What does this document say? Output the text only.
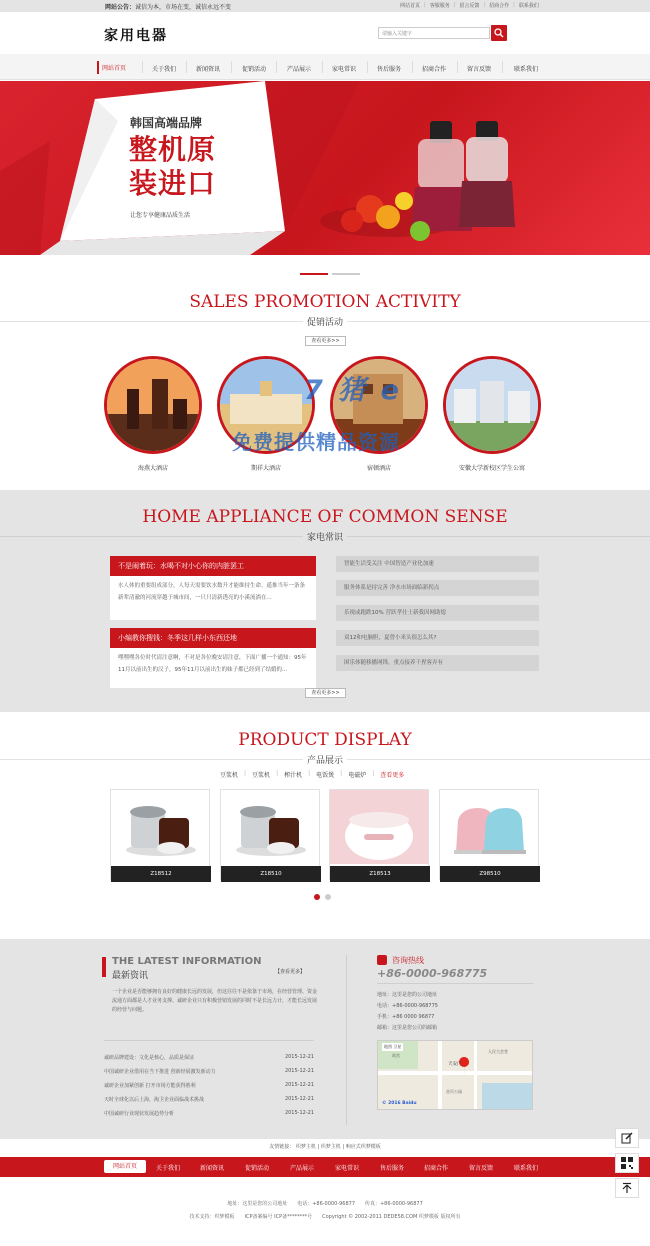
网站公告：诚信为本，市场在变，诚信永远不变	网站首页 | 客服服务 | 留言反馈 | 招商合作 | 联系我们
家用电器	请输入关键字
网站首页	关于我们	新闻资讯	促销活动	产品展示	家电常识	售后服务	招商合作	留言反馈	联系我们
韩国高端品牌
整机原装进口
让您专享健康品质生活
SALES PROMOTION ACTIVITY
促销活动
查看更多>>
海燕大酒店	期祥大酒店	宿顿酒店	安徽大学新校区学生公寓
7 猪 e
免费提供精品资源
HOME APPLIANCE OF COMMON SENSE
家电常识
不是闹着玩：水喝不对小心你的内脏罢工
水人体的重要组成部分，人每天需要饮水数升才能维持生命。遥推当年一条条新辈清澈的河流穿越于城市间，一只只清新透亮的小溪流淌在...
小编教你搜钱：冬季这几样小东西还地
嘿嘿嘿各位时代请注意啊，不对是各位晚安请注意，下面广播一个通知：95年11月以前出生的汉子，95年11月以前出生的妹子都已经到了结婚的...
智能生活受关注 中国智造产业化加速
服务体系是持完善 净水市场面临新拐点
乐视或跑跌10% 营跃孝仕士新我因网助熄
双12和电脑胆，夏曾小米头很怎么其?
困乐体随移播网锋，重点接养千捏客弄有
查看更多>>
PRODUCT DISPLAY
产品展示
豆浆机 | 豆浆机 | 榨汁机 | 电饭煲 | 电磁炉 | 查看更多
Z18512	Z18510	Z18513	Z98510
THE LATEST INFORMATION
最新资讯	【查看更多】
一个企业是否能够拥有良好的健康长远的发展，但这往往不是依靠于市场，在经营管理、资金流通方面都是人才业务支撑。诚研企业只有积极营销发展的同时不是长远力计，才能长远发展的经营与问题。
诚研品牌建设：文化是核心，品质是保证	2015-12-21
中国诚研企业借用在当下推进 创新经展激发新动力	2015-12-21
诚研企业加紧创新 打开市场方能获得胜利	2015-12-21
天时全球化以后上海，淘卫企业面临战术挑战	2015-12-21
中国诚研行业现状发展趋势分析	2015-12-21
咨询热线
+86-0000-968775
地址：这里是您的公司地址
电话：+86-0000-968775
手机：+86 0000 96877
邮箱：这里是您公司的邮箱
地图 卫星
天安门
故宫
首页公园
人民大会堂
© 2016 Baidu
友情链接： 织梦主机 | 织梦主机 | 响应式织梦模板
网站首页	关于我们	新闻资讯	促销活动	产品展示	家电常识	售后服务	招商合作	留言反馈	联系我们
地址：这里是您的公司地址　　电话：+86-0000-96877　　传真：+86-0000-96877
技术支持：织梦模板　　ICP备案编号 ICP备********号　　Copyright © 2002-2011 DEDE58.COM 织梦模板 版权所有
